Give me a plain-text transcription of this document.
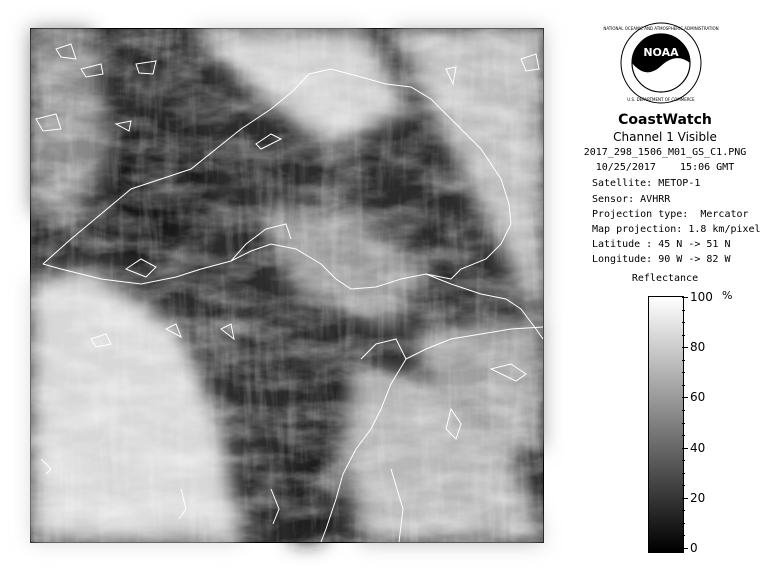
NOAA
NATIONAL OCEANIC AND ATMOSPHERIC ADMINISTRATION
U.S. DEPARTMENT OF COMMERCE
CoastWatch
Channel 1 Visible
2017_298_1506_M01_GS_C1.PNG
10/25/2017    15:06 GMT
Satellite: METOP-1
Sensor: AVHRR
Projection type:  Mercator
Map projection: 1.8 km/pixel
Latitude : 45 N -> 51 N
Longitude: 90 W -> 82 W
Reflectance
100
80
60
40
20
0
%
